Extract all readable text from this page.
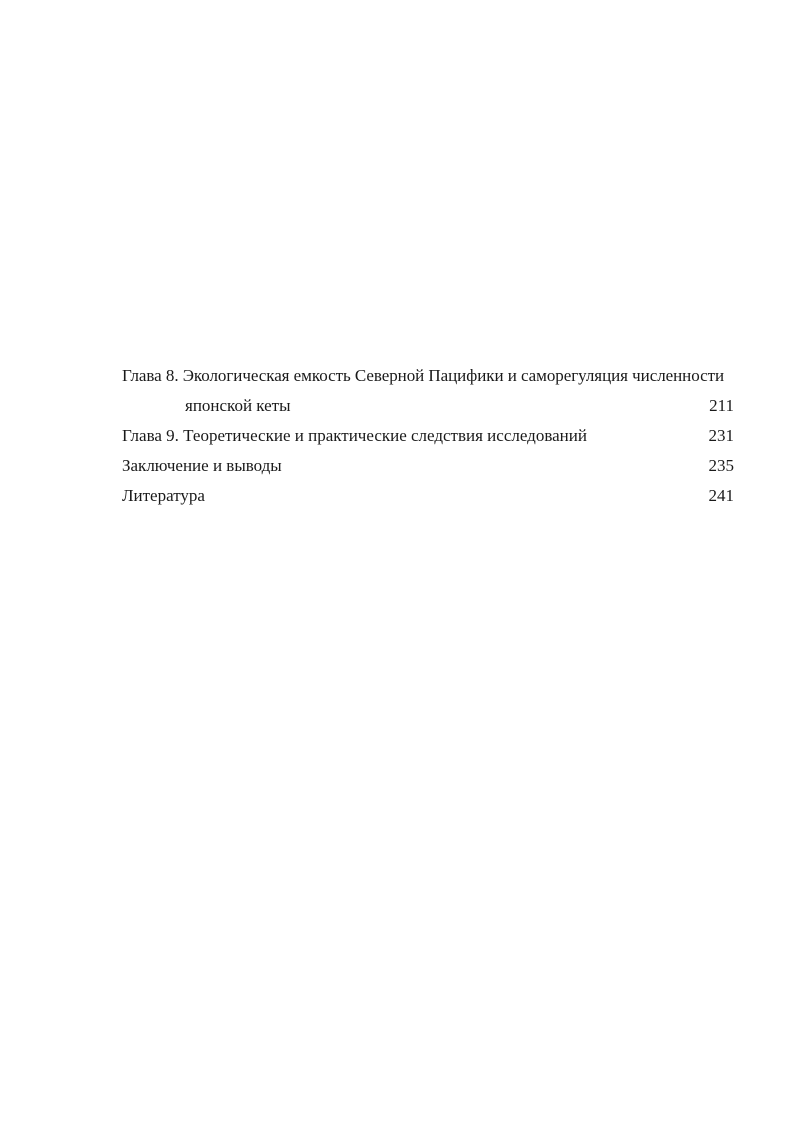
Глава 8. Экологическая емкость Северной Пацифики и саморегуляция численности
японской кеты	211
Глава 9. Теоретические и практические следствия исследований	231
Заключение и выводы	235
Литература	241
